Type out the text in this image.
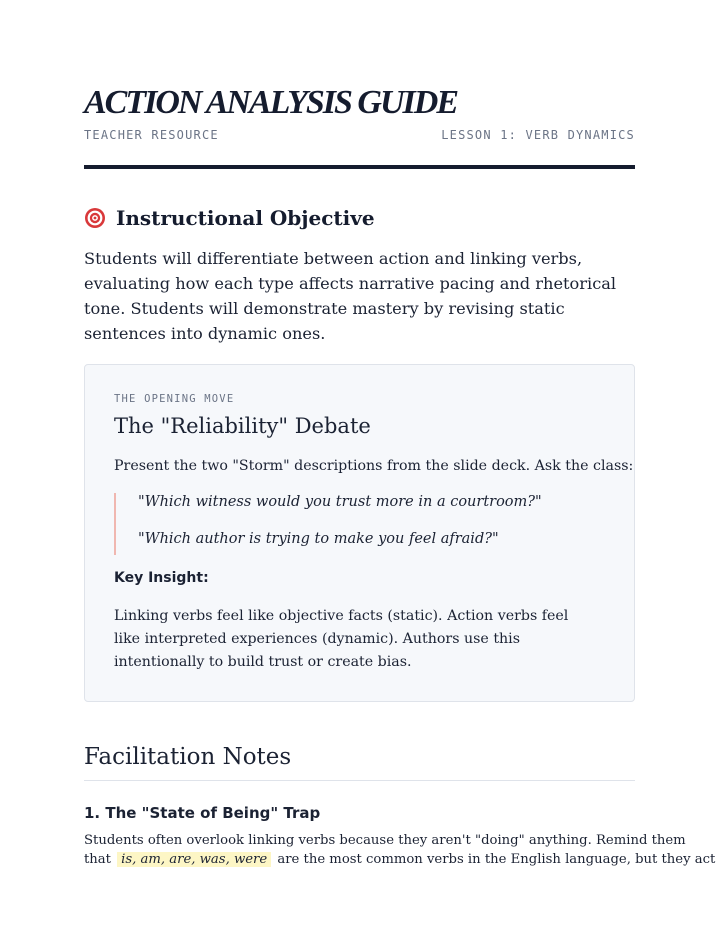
ACTION ANALYSIS GUIDE
TEACHER RESOURCE	LESSON 1: VERB DYNAMICS
Instructional Objective

Students will differentiate between action and linking verbs, evaluating how each type affects narrative pacing and rhetorical tone. Students will demonstrate mastery by revising static sentences into dynamic ones.

THE OPENING MOVE
The "Reliability" Debate
Present the two "Storm" descriptions from the slide deck. Ask the class:
"Which witness would you trust more in a courtroom?"
"Which author is trying to make you feel afraid?"
Key Insight:

Linking verbs feel like objective facts (static). Action verbs feel like interpreted experiences (dynamic). Authors use this intentionally to build trust or create bias.

Facilitation Notes
1. The "State of Being" Trap

Students often overlook linking verbs because they aren't "doing" anything. Remind them
that is, am, are, was, were are the most common verbs in the English language, but they act
